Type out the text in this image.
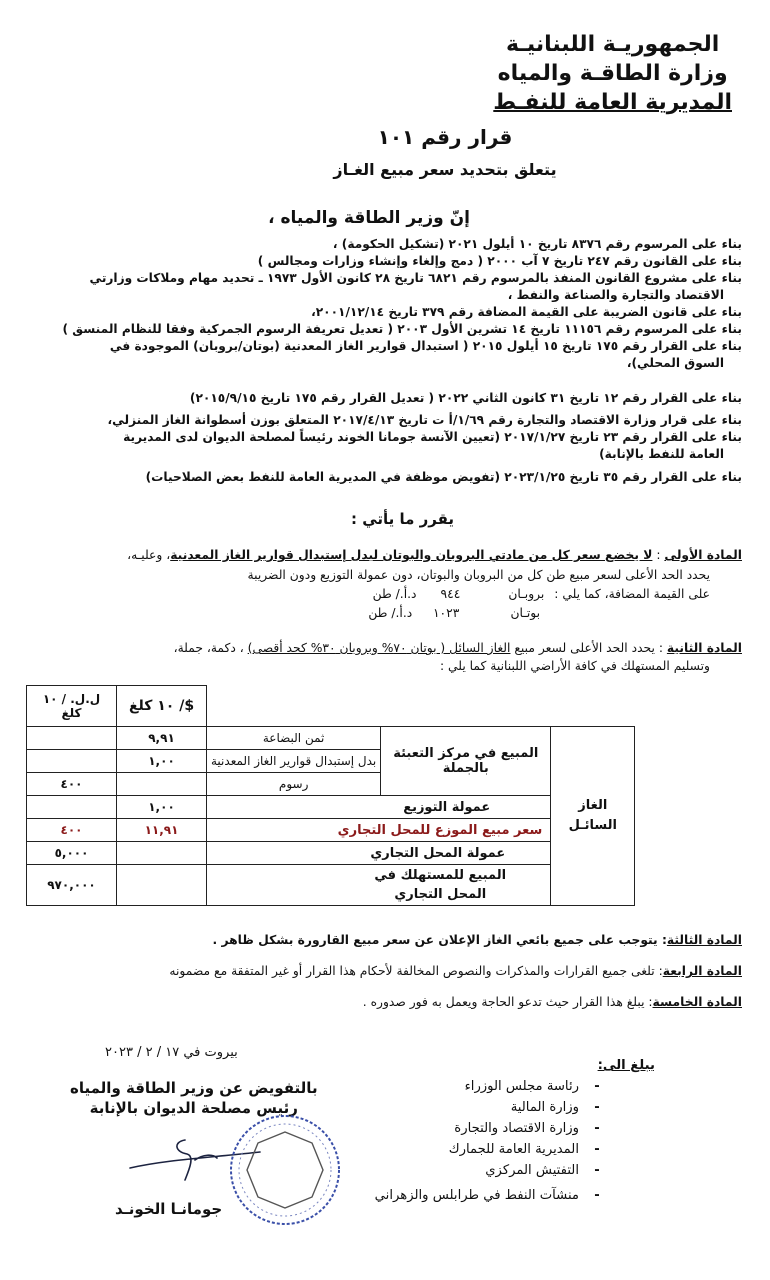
الجمهوريـة اللبنانيـة
وزارة الطاقـة والمياه
المديرية العامة للنفـط
قرار رقم ١٠١
يتعلق بتحديد سعر مبيع الغـاز
إنّ وزير الطاقة والمياه ،
بناء على المرسوم رقم ٨٣٧٦ تاريخ ١٠ أيلول ٢٠٢١ (تشكيل الحكومة) ،
بناء على القانون رقم ٢٤٧ تاريخ ٧ آب ٢٠٠٠ ( دمج وإلغاء وإنشاء وزارات ومجالس )
بناء على مشروع القانون المنفذ بالمرسوم رقم ٦٨٢١ تاريخ ٢٨ كانون الأول ١٩٧٣ ـ تحديد مهام وملاكات وزارتي
الاقتصاد والتجارة والصناعة والنفط ،
بناء على قانون الضريبة على القيمة المضافة رقم ٣٧٩ تاريخ ٢٠٠١/١٢/١٤،
بناء على المرسوم رقم ١١١٥٦ تاريخ ١٤ تشرين الأول ٢٠٠٣ ( تعديل تعريفة الرسوم الجمركية وفقا للنظام المنسق )
بناء على القرار رقم ١٧٥ تاريخ ١٥ أيلول ٢٠١٥ ( استبدال قوارير الغاز المعدنية (بوتان/بروبان) الموجودة في
السوق المحلي)،
بناء على القرار رقم ١٢ تاريخ ٣١ كانون الثاني ٢٠٢٢ ( تعديل القرار رقم ١٧٥ تاريخ ٢٠١٥/٩/١٥)
بناء على قرار وزارة الاقتصاد والتجارة رقم ١/٦٩/أ ت تاريخ ٢٠١٧/٤/١٣ المتعلق بوزن أسطوانة الغاز المنزلي،
بناء على القرار رقم ٢٣ تاريخ ٢٠١٧/١/٢٧ (تعيين الآنسة جومانا الخوند رئيساً لمصلحة الديوان لدى المديرية
العامة للنفط بالإنابة)
بناء على القرار رقم ٣٥ تاريخ ٢٠٢٣/١/٢٥ (تفويض موظفة في المديرية العامة للنفط بعض الصلاحيات)
يقرر ما يأتي :
المادة الأولى : لا يخضع سعر كل من مادتي البروبان والبوتان لبدل إستبدال قوارير الغاز المعدنية، وعليـه،
يحدد الحد الأعلى لسعر مبيع طن كل من البروبان والبوتان، دون عمولة التوزيع ودون الضريبة
على القيمة المضافة، كما يلي : بروبـان ٩٤٤ د.أ./ طن
بوتـان ١٠٢٣ د.أ./ طن
المادة الثانية : يحدد الحد الأعلى لسعر مبيع الغاز السائل ( بوتان ٧٠% وبروبان ٣٠% كحد أقصى) ، دكمة، جملة،
وتسليم المستهلك في كافة الأراضي اللبنانية كما يلي :
			$/ ١٠ كلغ	ل.ل. / ١٠ كلغ
الغاز السائـل	المبيع في مركز التعبئة بالجملة	ثمن البضاعة	٩,٩١	
		بدل إستبدال قوارير الغاز المعدنية	١,٠٠	
		رسوم		٤٠٠
	عمولة التوزيع		١,٠٠	
	سعر مبيع الموزع للمحل التجاري		١١,٩١	٤٠٠
	عمولة المحل التجاري			٥,٠٠٠
	المبيع للمستهلك في المحل التجاري			٩٧٠,٠٠٠
المادة الثالثة: يتوجب على جميع بائعي الغاز الإعلان عن سعر مبيع القارورة بشكل ظاهر .
المادة الرابعة: تلغى جميع القرارات والمذكرات والنصوص المخالفة لأحكام هذا القرار أو غير المتفقة مع مضمونه
المادة الخامسة: يبلغ هذا القرار حيث تدعو الحاجة ويعمل به فور صدوره .
بيروت في ١٧ / ٢ / ٢٠٢٣
بالتفويض عن وزير الطاقة والمياه
رئيس مصلحة الديوان بالإنابة
جومانـا الخونـد
يبلغ الى:
- رئاسة مجلس الوزراء
- وزارة المالية
- وزارة الاقتصاد والتجارة
- المديرية العامة للجمارك
- التفتيش المركزي
- منشآت النفط في طرابلس والزهراني
